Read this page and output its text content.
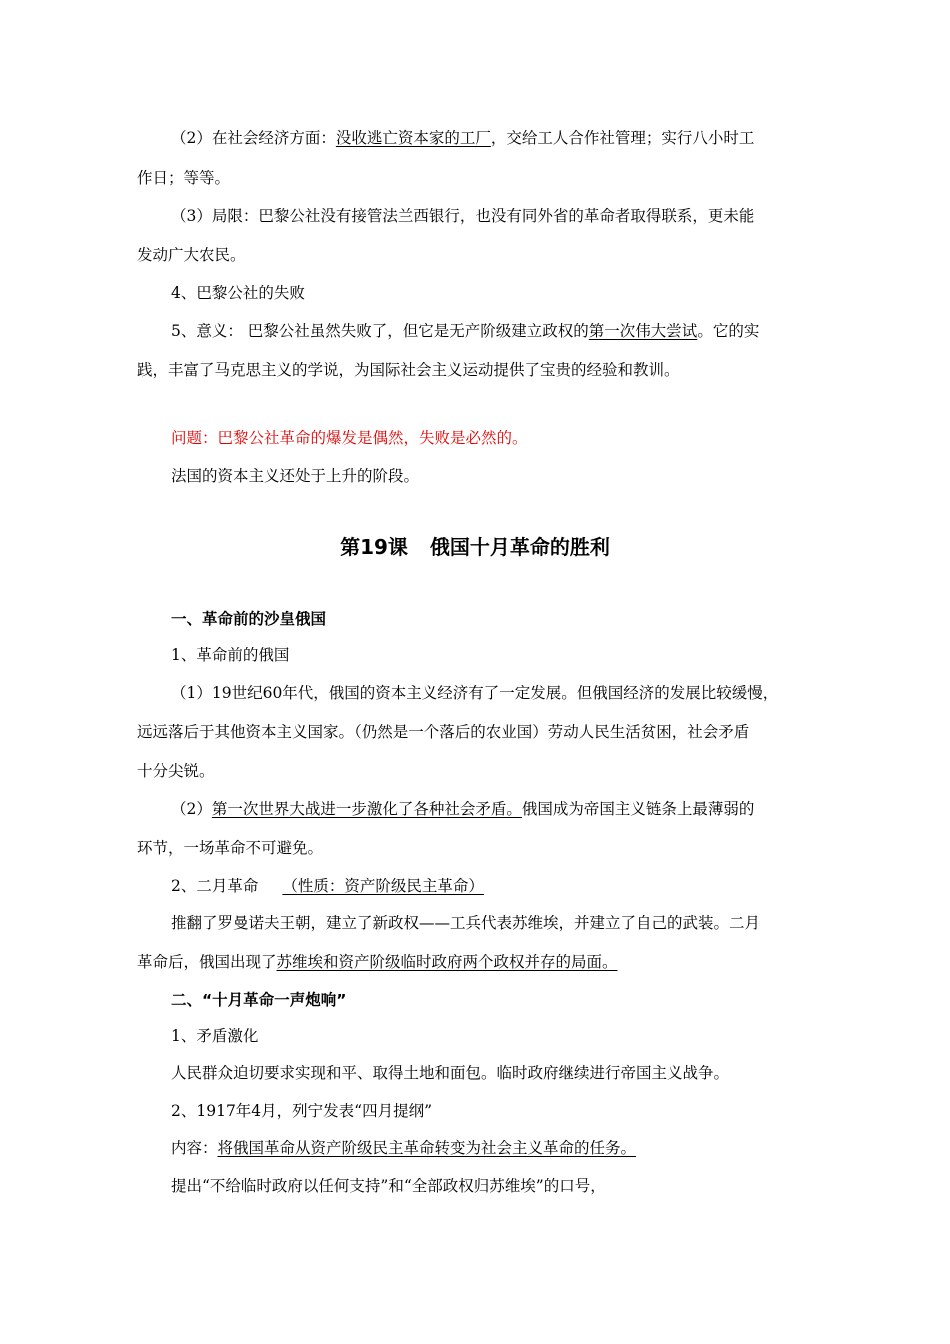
（2）在社会经济方面：没收逃亡资本家的工厂，交给工人合作社管理；实行八小时工
作日；等等。
（3）局限：巴黎公社没有接管法兰西银行，也没有同外省的革命者取得联系，更未能
发动广大农民。
4、巴黎公社的失败
5、意义： 巴黎公社虽然失败了，但它是无产阶级建立政权的第一次伟大尝试。它的实
践，丰富了马克思主义的学说，为国际社会主义运动提供了宝贵的经验和教训。
问题：巴黎公社革命的爆发是偶然，失败是必然的。
法国的资本主义还处于上升的阶段。
第19课 俄国十月革命的胜利
一、革命前的沙皇俄国
1、革命前的俄国
（1）19世纪60年代，俄国的资本主义经济有了一定发展。但俄国经济的发展比较缓慢，
远远落后于其他资本主义国家。（仍然是一个落后的农业国）劳动人民生活贫困，社会矛盾
十分尖锐。
（2）第一次世界大战进一步激化了各种社会矛盾。俄国成为帝国主义链条上最薄弱的
环节，一场革命不可避免。
2、二月革命 （性质：资产阶级民主革命）
推翻了罗曼诺夫王朝，建立了新政权——工兵代表苏维埃，并建立了自己的武装。二月
革命后，俄国出现了苏维埃和资产阶级临时政府两个政权并存的局面。
二、“十月革命一声炮响”
1、矛盾激化
人民群众迫切要求实现和平、取得土地和面包。临时政府继续进行帝国主义战争。
2、1917年4月，列宁发表“四月提纲”
内容：将俄国革命从资产阶级民主革命转变为社会主义革命的任务。
提出“不给临时政府以任何支持”和“全部政权归苏维埃”的口号，
